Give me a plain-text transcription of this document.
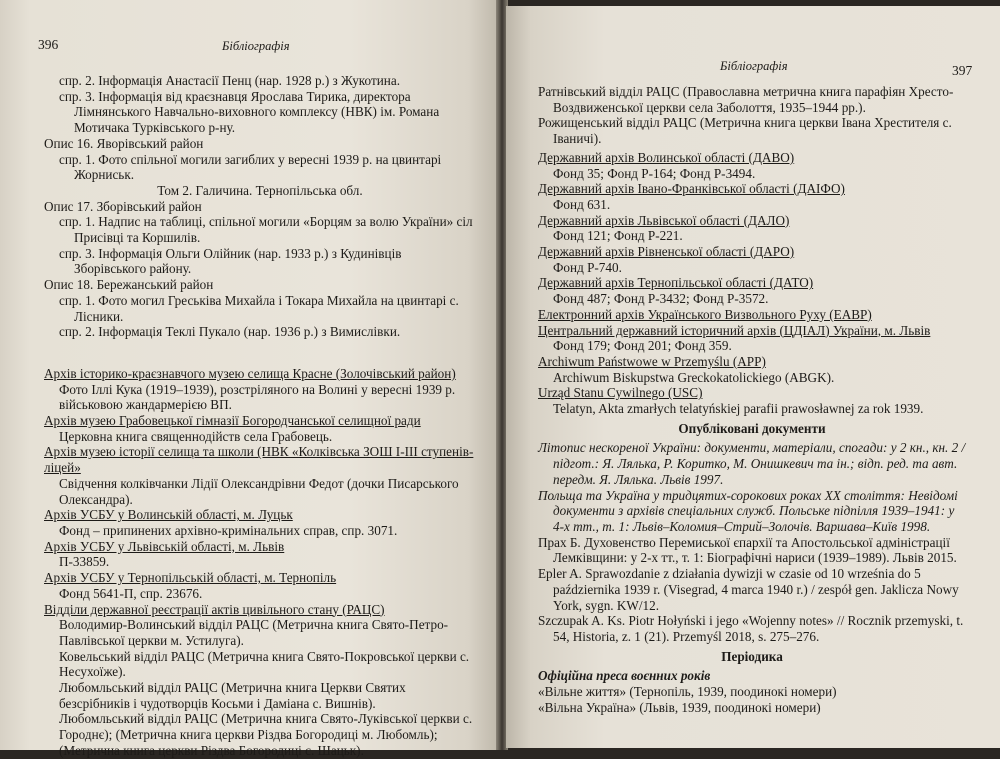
396	Бібліографія

спр. 2. Інформація Анастасії Пенц (нар. 1928 р.) з Жукотина.

спр. 3. Інформація від краєзнавця Ярослава Тирика, директора Лімнянського Навчально-виховного комплексу (НВК) ім. Романа Мотичака Турківського р-ну.

Опис 16. Яворівський район

спр. 1. Фото спільної могили загиблих у вересні 1939 р. на цвинтарі Жорниськ.

Том 2. Галичина. Тернопільська обл.

Опис 17. Зборівський район

спр. 1. Надпис на таблиці, спільної могили «Борцям за волю України» сіл Присівці та Коршилів.

спр. 3. Інформація Ольги Олійник (нар. 1933 р.) з Кудинівців Зборівського району.

Опис 18. Бережанський район

спр. 1. Фото могил Греськіва Михайла і Токара Михайла на цвинтарі с. Лісники.

спр. 2. Інформація Теклі Пукало (нар. 1936 р.) з Вимислівки.

Архів історико-краєзнавчого музею селища Красне (Золочівський район)

Фото Іллі Кука (1919–1939), розстріляного на Волині у вересні 1939 р. військовою жандармерією ВП.

Архів музею Грабовецької гімназії Богородчанської селищної ради

Церковна книга священнодійств села Грабовець.

Архів музею історії селища та школи (НВК «Колківська ЗОШ І-ІІІ ступенів-ліцей»

Свідчення колківчанки Лідії Олександрівни Федот (дочки Писарського Олександра).

Архів УСБУ у Волинській області, м. Луцьк

Фонд – припинених архівно-кримінальних справ, спр. 3071.

Архів УСБУ у Львівській області, м. Львів

П-33859.

Архів УСБУ у Тернопільській області, м. Тернопіль

Фонд 5641-П, спр. 23676.

Відділи державної реєстрації актів цивільного стану (РАЦС)

Володимир-Волинський відділ РАЦС (Метрична книга Свято-Петро-Павлівської церкви м. Устилуга).

Ковельський відділ РАЦС (Метрична книга Свято-Покровської церкви с. Несухоїже).

Любомльський відділ РАЦС (Метрична книга Церкви Святих безсрібників і чудотворців Косьми і Даміана с. Вишнів).

Любомльський відділ РАЦС (Метрична книга Свято-Луківської церкви с. Городнє); (Метрична книга церкви Різдва Богородиці м. Любомль); (Метрична книга церкви Різдва Богородиці с. Шацьк).

Бібліографія	397

Ратнівський відділ РАЦС (Православна метрична книга парафіян Хресто-Воздвиженської церкви села Заболоття, 1935–1944 рр.).

Рожищенський відділ РАЦС (Метрична книга церкви Івана Хрестителя с. Іваничі).

Державний архів Волинської області (ДАВО)

Фонд 35; Фонд Р-164; Фонд Р-3494.

Державний архів Івано-Франківської області (ДАІФО)

Фонд 631.

Державний архів Львівської області (ДАЛО)

Фонд 121; Фонд Р-221.

Державний архів Рівненської області (ДАРО)

Фонд Р-740.

Державний архів Тернопільської області (ДАТО)

Фонд 487; Фонд Р-3432; Фонд Р-3572.

Електронний архів Українського Визвольного Руху (ЕАВР)

Центральний державний історичний архів (ЦДІАЛ) України, м. Львів

Фонд 179; Фонд 201; Фонд 359.

Archiwum Państwowe w Przemyślu (APP)

Archiwum Biskupstwa Greckokatolickiego (ABGK).

Urząd Stanu Cywilnego (USC)

Telatyn, Akta zmarłych telatyńskiej parafii prawosławnej za rok 1939.

Опубліковані документи

Літопис нескореної України: документи, матеріали, спогади: у 2 кн., кн. 2 / підгот.: Я. Лялька, Р. Коритко, М. Онишкевич та ін.; відп. ред. та авт. передм. Я. Лялька. Львів 1997.

Польща та Україна у тридцятих-сорокових роках ХХ століття: Невідомі документи з архівів спеціальних служб. Польське підпілля 1939–1941: у 4-х тт., т. 1: Львів–Коломия–Стрий–Золочів. Варшава–Київ 1998.

Прах Б. Духовенство Перемиської єпархії та Апостольської адміністрації Лемківщини: у 2-х тт., т. 1: Біографічні нариси (1939–1989). Львів 2015.

Epler A. Sprawozdanie z działania dywizji w czasie od 10 września do 5 października 1939 r. (Visegrad, 4 marca 1940 r.) / zespół gen. Jaklicza Nowy York, sygn. KW/12.

Szczupak A. Ks. Piotr Hołyński i jego «Wojenny notes» // Rocznik przemyski, t. 54, Historia, z. 1 (21). Przemyśl 2018, s. 275–276.

Періодика

Офіційна преса воєнних років

«Вільне життя» (Тернопіль, 1939, поодинокі номери)

«Вільна Україна» (Львів, 1939, поодинокі номери)
